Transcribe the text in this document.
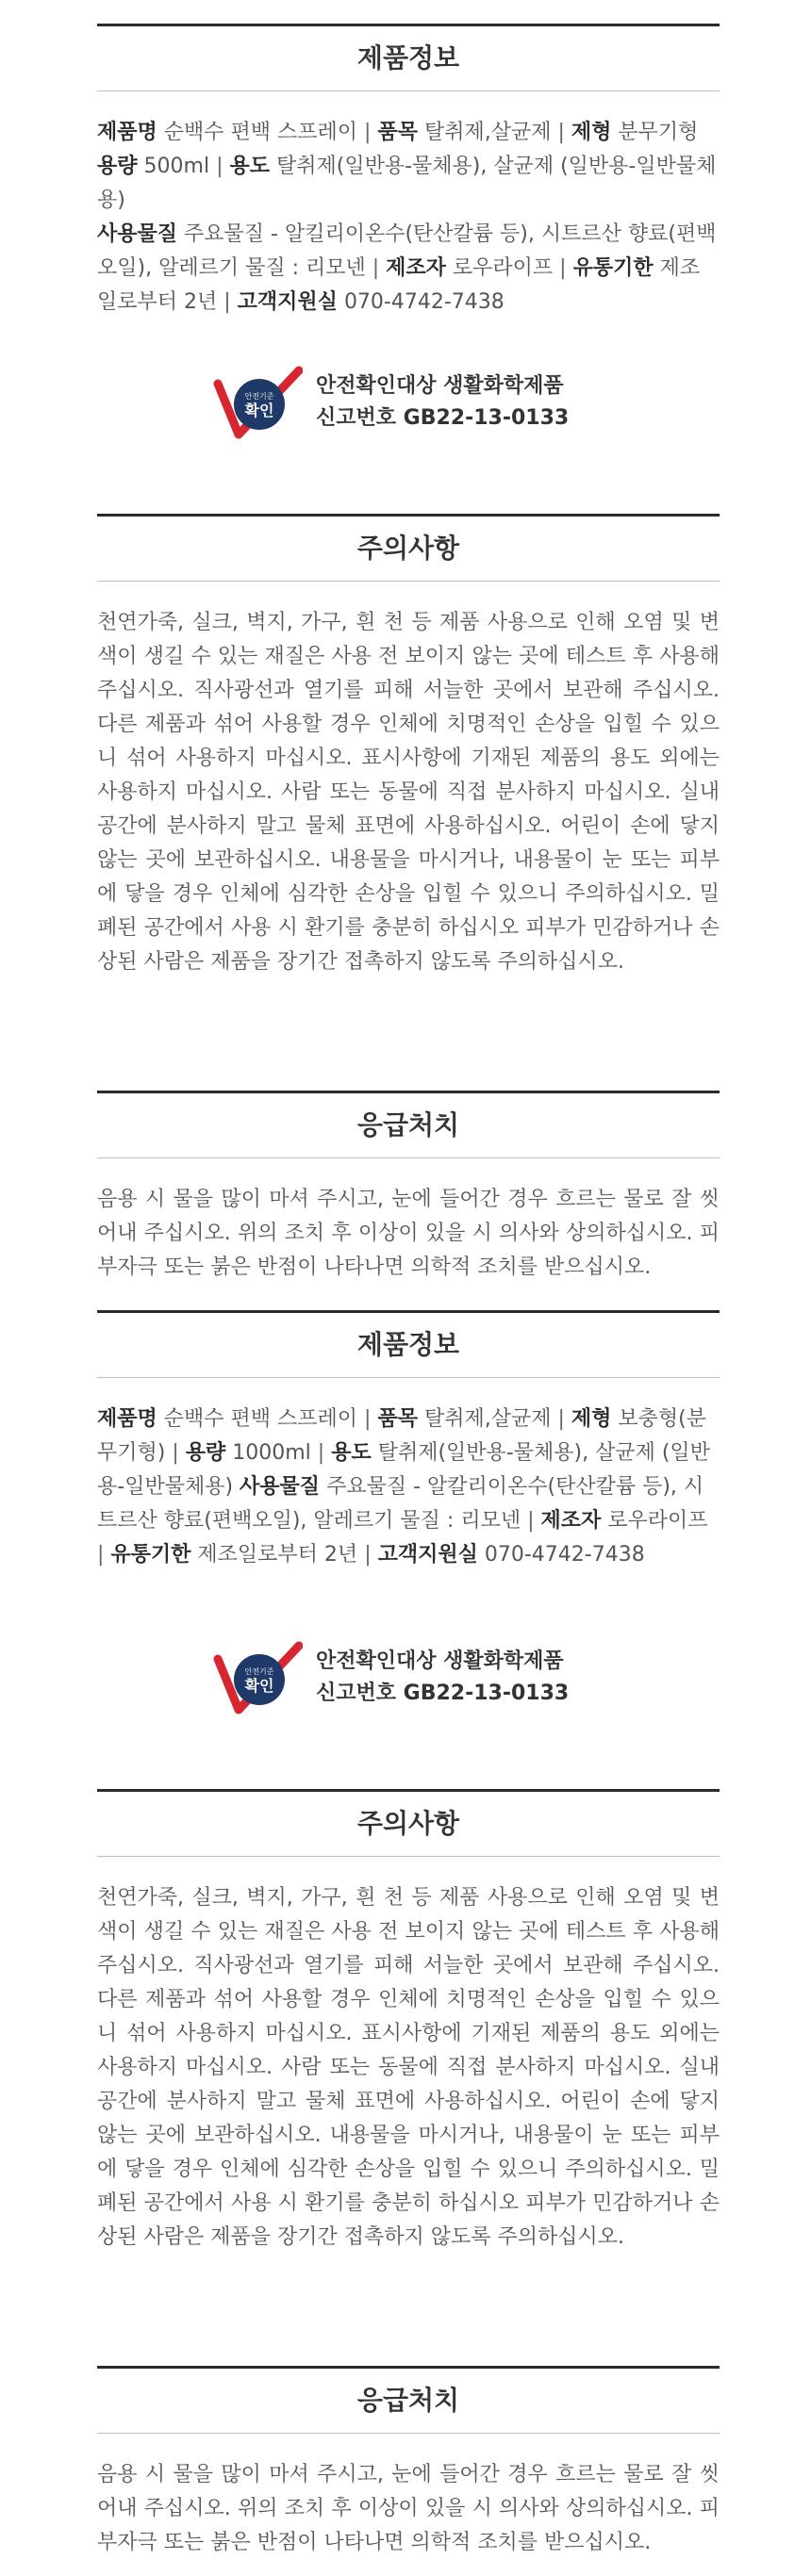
제품정보
제품명 순백수 편백 스프레이 | 품목 탈취제,살균제 | 제형 분무기형
용량 500ml | 용도 탈취제(일반용-물체용), 살균제 (일반용-일반물체용)
사용물질 주요물질 - 알킬리이온수(탄산칼륨 등), 시트르산 향료(편백오일), 알레르기 물질 : 리모넨 | 제조자 로우라이프 | 유통기한 제조일로부터 2년 | 고객지원실 070-4742-7438
안전기준
확인
안전확인대상 생활화학제품
신고번호 GB22-13-0133
주의사항
천연가죽, 실크, 벽지, 가구, 흰 천 등 제품 사용으로 인해 오염 및 변색이 생길 수 있는 재질은 사용 전 보이지 않는 곳에 테스트 후 사용해 주십시오. 직사광선과 열기를 피해 서늘한 곳에서 보관해 주십시오. 다른 제품과 섞어 사용할 경우 인체에 치명적인 손상을 입힐 수 있으니 섞어 사용하지 마십시오. 표시사항에 기재된 제품의 용도 외에는 사용하지 마십시오. 사람 또는 동물에 직접 분사하지 마십시오. 실내공간에 분사하지 말고 물체 표면에 사용하십시오. 어린이 손에 닿지 않는 곳에 보관하십시오. 내용물을 마시거나, 내용물이 눈 또는 피부에 닿을 경우 인체에 심각한 손상을 입힐 수 있으니 주의하십시오. 밀폐된 공간에서 사용 시 환기를 충분히 하십시오 피부가 민감하거나 손상된 사람은 제품을 장기간 접촉하지 않도록 주의하십시오.
응급처치
음용 시 물을 많이 마셔 주시고, 눈에 들어간 경우 흐르는 물로 잘 씻어내 주십시오. 위의 조치 후 이상이 있을 시 의사와 상의하십시오. 피부자극 또는 붉은 반점이 나타나면 의학적 조치를 받으십시오.
제품정보
제품명 순백수 편백 스프레이 | 품목 탈취제,살균제 | 제형 보충형(분무기형) | 용량 1000ml | 용도 탈취제(일반용-물체용), 살균제 (일반용-일반물체용) 사용물질 주요물질 - 알칼리이온수(탄산칼륨 등), 시트르산 향료(편백오일), 알레르기 물질 : 리모넨 | 제조자 로우라이프 | 유통기한 제조일로부터 2년 | 고객지원실 070-4742-7438
안전기준
확인
안전확인대상 생활화학제품
신고번호 GB22-13-0133
주의사항
천연가죽, 실크, 벽지, 가구, 흰 천 등 제품 사용으로 인해 오염 및 변색이 생길 수 있는 재질은 사용 전 보이지 않는 곳에 테스트 후 사용해 주십시오. 직사광선과 열기를 피해 서늘한 곳에서 보관해 주십시오. 다른 제품과 섞어 사용할 경우 인체에 치명적인 손상을 입힐 수 있으니 섞어 사용하지 마십시오. 표시사항에 기재된 제품의 용도 외에는 사용하지 마십시오. 사람 또는 동물에 직접 분사하지 마십시오. 실내공간에 분사하지 말고 물체 표면에 사용하십시오. 어린이 손에 닿지 않는 곳에 보관하십시오. 내용물을 마시거나, 내용물이 눈 또는 피부에 닿을 경우 인체에 심각한 손상을 입힐 수 있으니 주의하십시오. 밀폐된 공간에서 사용 시 환기를 충분히 하십시오 피부가 민감하거나 손상된 사람은 제품을 장기간 접촉하지 않도록 주의하십시오.
응급처치
음용 시 물을 많이 마셔 주시고, 눈에 들어간 경우 흐르는 물로 잘 씻어내 주십시오. 위의 조치 후 이상이 있을 시 의사와 상의하십시오. 피부자극 또는 붉은 반점이 나타나면 의학적 조치를 받으십시오.
